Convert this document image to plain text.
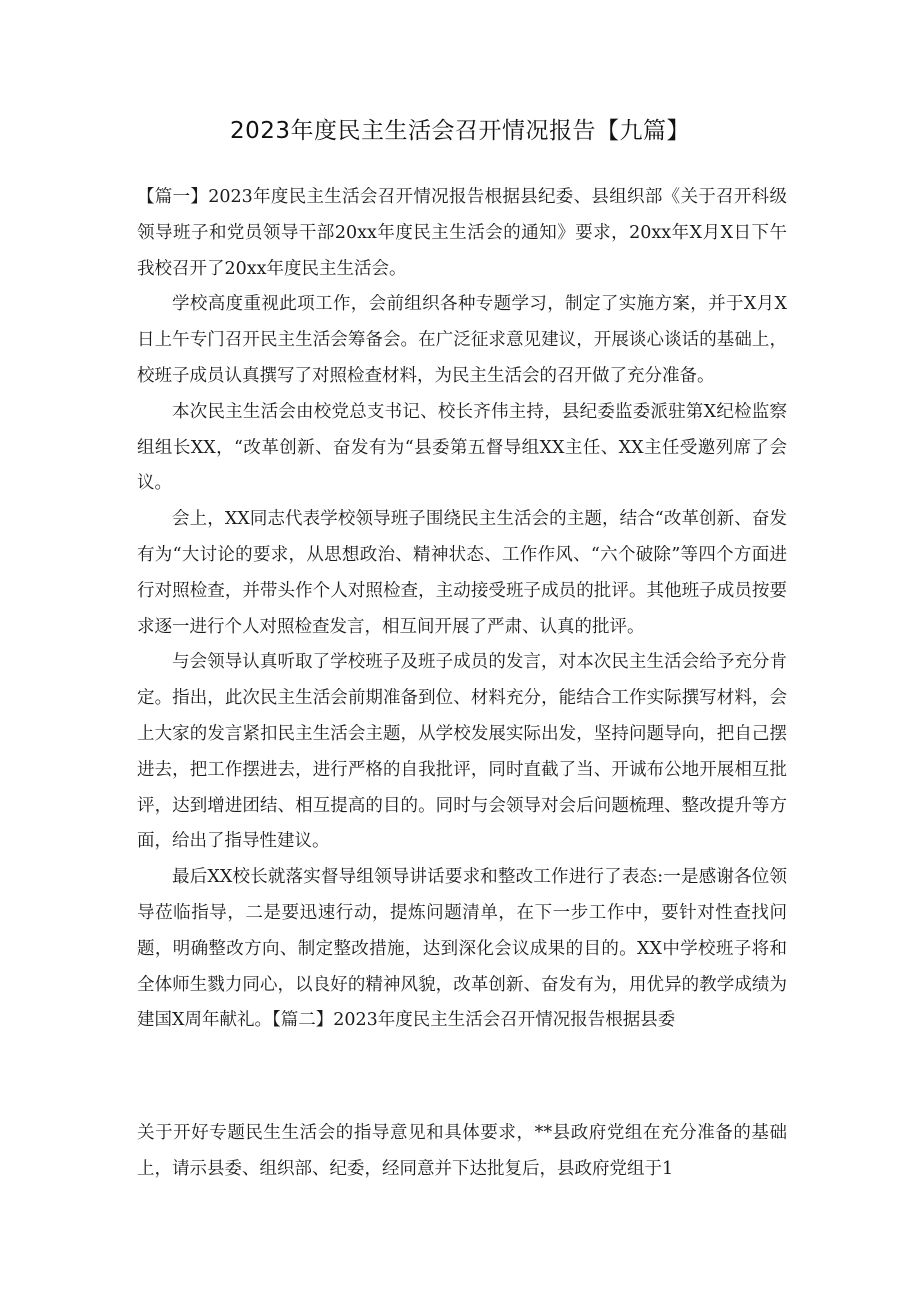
2023年度民主生活会召开情况报告【九篇】

【篇一】2023年度民主生活会召开情况报告根据县纪委、县组织部《关于召开科级领导班子和党员领导干部20xx年度民主生活会的通知》要求，20xx年X月X日下午我校召开了20xx年度民主生活会。

学校高度重视此项工作，会前组织各种专题学习，制定了实施方案，并于X月X日上午专门召开民主生活会筹备会。在广泛征求意见建议，开展谈心谈话的基础上，校班子成员认真撰写了对照检查材料，为民主生活会的召开做了充分准备。

本次民主生活会由校党总支书记、校长齐伟主持，县纪委监委派驻第X纪检监察组组长XX，“改革创新、奋发有为“县委第五督导组XX主任、XX主任受邀列席了会议。

会上，XX同志代表学校领导班子围绕民主生活会的主题，结合“改革创新、奋发有为“大讨论的要求，从思想政治、精神状态、工作作风、“六个破除”等四个方面进行对照检查，并带头作个人对照检查，主动接受班子成员的批评。其他班子成员按要求逐一进行个人对照检查发言，相互间开展了严肃、认真的批评。

与会领导认真听取了学校班子及班子成员的发言，对本次民主生活会给予充分肯定。指出，此次民主生活会前期准备到位、材料充分，能结合工作实际撰写材料，会上大家的发言紧扣民主生活会主题，从学校发展实际出发，坚持问题导向，把自己摆进去，把工作摆进去，进行严格的自我批评，同时直截了当、开诚布公地开展相互批评，达到增进团结、相互提高的目的。同时与会领导对会后问题梳理、整改提升等方面，给出了指导性建议。

最后XX校长就落实督导组领导讲话要求和整改工作进行了表态:一是感谢各位领导莅临指导，二是要迅速行动，提炼问题清单，在下一步工作中，要针对性查找问题，明确整改方向、制定整改措施，达到深化会议成果的目的。XX中学校班子将和全体师生戮力同心，以良好的精神风貌，改革创新、奋发有为，用优异的教学成绩为建国X周年献礼。【篇二】2023年度民主生活会召开情况报告根据县委

关于开好专题民生生活会的指导意见和具体要求，**县政府党组在充分准备的基础上，请示县委、组织部、纪委，经同意并下达批复后，县政府党组于1
